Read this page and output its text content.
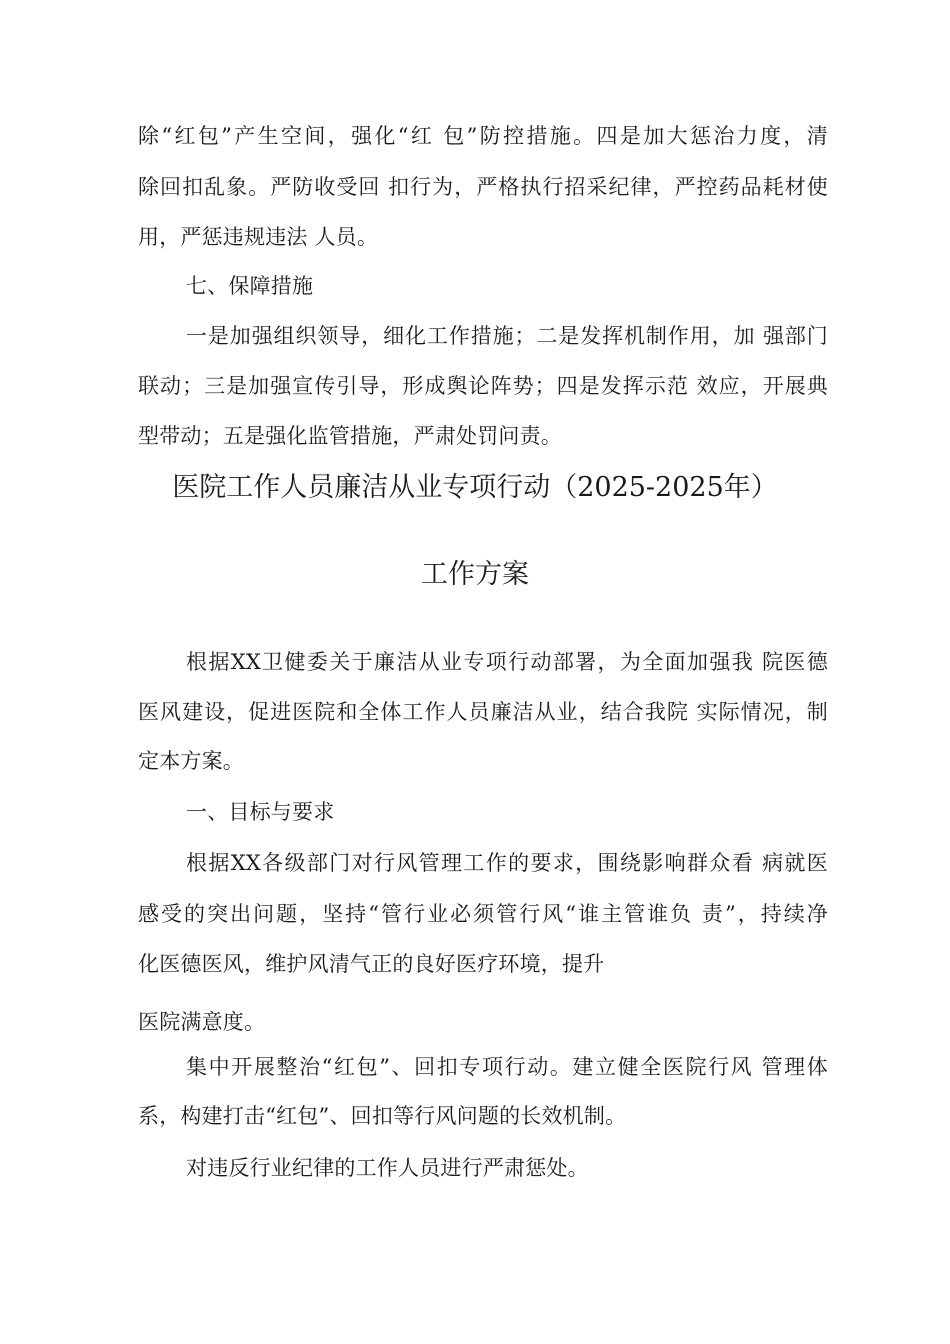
除“红包”产生空间，强化“红 包”防控措施。四是加大惩治力度，清
除回扣乱象。严防收受回 扣行为，严格执行招采纪律，严控药品耗材使
用，严惩违规违法 人员。
七、保障措施
一是加强组织领导，细化工作措施；二是发挥机制作用，加 强部门
联动；三是加强宣传引导，形成舆论阵势；四是发挥示范 效应，开展典
型带动；五是强化监管措施，严肃处罚问责。
医院工作人员廉洁从业专项行动（2025-2025年）
工作方案
根据XX卫健委关于廉洁从业专项行动部署，为全面加强我 院医德
医风建设，促进医院和全体工作人员廉洁从业，结合我院 实际情况，制
定本方案。
一、目标与要求
根据XX各级部门对行风管理工作的要求，围绕影响群众看 病就医
感受的突出问题，坚持“管行业必须管行风“谁主管谁负 责”，持续净
化医德医风，维护风清气正的良好医疗环境，提升
医院满意度。
集中开展整治“红包”、回扣专项行动。建立健全医院行风 管理体
系，构建打击“红包”、回扣等行风问题的长效机制。
对违反行业纪律的工作人员进行严肃惩处。
